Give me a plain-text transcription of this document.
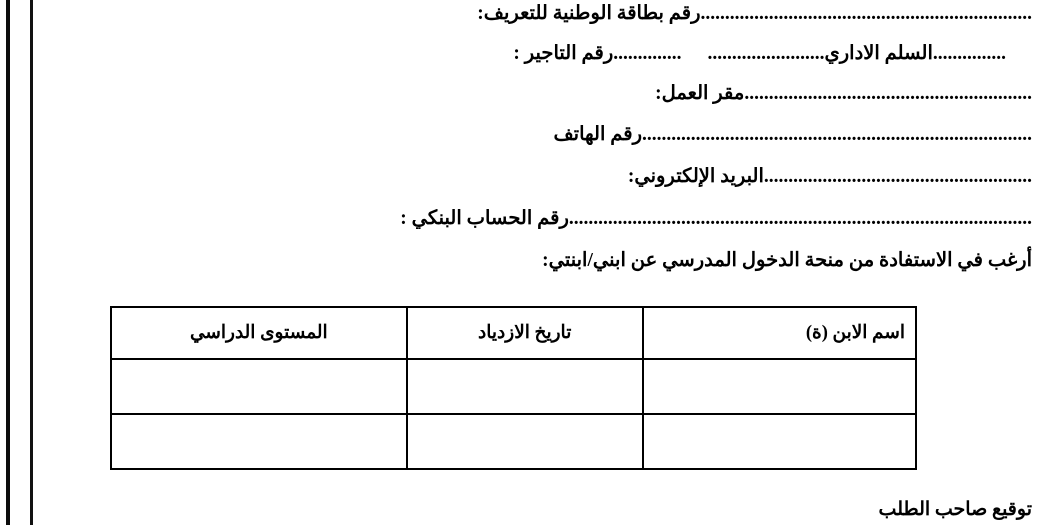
....................................................................رقم بطاقة الوطنية للتعريف:
...............السلم الاداري......................................رقم التأجير :
...........................................................مقر العمل:
................................................................................رقم الهاتف
.......................................................البريد الإلكتروني:
...............................................................................................رقم الحساب البنكي :
أرغب في الاستفادة من منحة الدخول المدرسي عن ابني/ابنتي:
اسم الابن (ة)	تاريخ الازدياد	المستوى الدراسي

توقيع صاحب الطلب
